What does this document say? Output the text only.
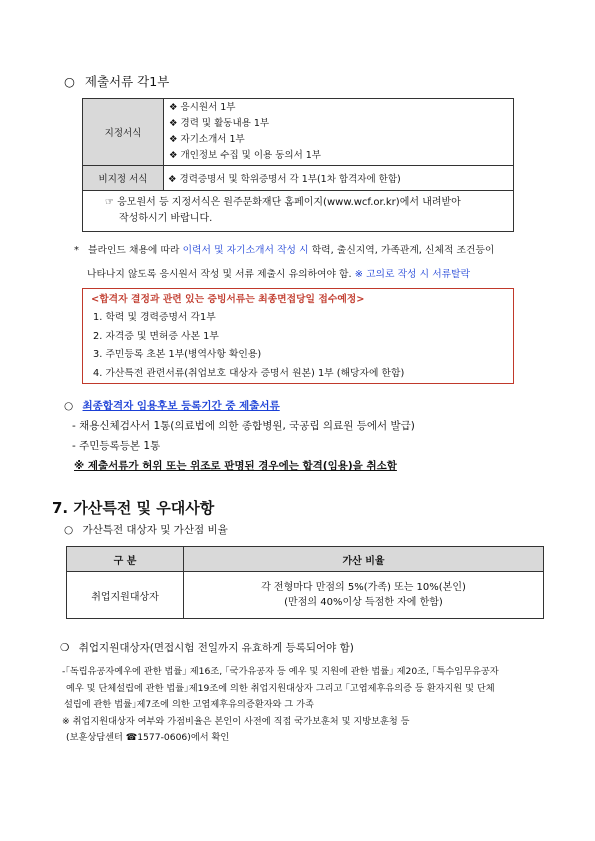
○ 제출서류 각1부
지정서식	❖ 응시원서 1부
❖ 경력 및 활동내용 1부
❖ 자기소개서 1부
❖ 개인정보 수집 및 이용 동의서 1부

비지정 서식	❖ 경력증명서 및 학위증명서 각 1부(1차 합격자에 한함)

☞ 응모원서 등 지정서식은 원주문화재단 홈페이지(www.wcf.or.kr)에서 내려받아
작성하시기 바랍니다.	
* 블라인드 채용에 따라 이력서 및 자기소개서 작성 시 학력, 출신지역, 가족관계, 신체적 조건등이
나타나지 않도록 응시원서 작성 및 서류 제출시 유의하여야 함. ※ 고의로 작성 시 서류탈락
<합격자 결정과 관련 있는 증빙서류는 최종면접당일 접수예정>
1. 학력 및 경력증명서 각1부
2. 자격증 및 면허증 사본 1부
3. 주민등록 초본 1부(병역사항 확인용)
4. 가산특전 관련서류(취업보호 대상자 증명서 원본) 1부 (해당자에 한함)
○ 최종합격자 임용후보 등록기간 중 제출서류
- 채용신체검사서 1통(의료법에 의한 종합병원, 국공립 의료원 등에서 발급)
- 주민등록등본 1통
※ 제출서류가 허위 또는 위조로 판명된 경우에는 합격(임용)을 취소함
7. 가산특전 및 우대사항
○ 가산특전 대상자 및 가산점 비율
구 분	가산 비율
취업지원대상자	각 전형마다 만점의 5%(가족) 또는 10%(본인)
(만점의 40%이상 득점한 자에 한함)
❍ 취업지원대상자(면접시험 전일까지 유효하게 등록되어야 함)
-｢독립유공자예우에 관한 법률｣ 제16조, ｢국가유공자 등 예우 및 지원에 관한 법률｣ 제20조, ｢특수임무유공자
예우 및 단체설립에 관한 법률｣제19조에 의한 취업지원대상자 그리고 ｢고엽제후유의증 등 환자지원 및 단체
설립에 관한 법률｣제7조에 의한 고엽제후유의증환자와 그 가족
※ 취업지원대상자 여부와 가점비율은 본인이 사전에 직접 국가보훈처 및 지방보훈청 등
(보훈상담센터 ☎1577-0606)에서 확인
